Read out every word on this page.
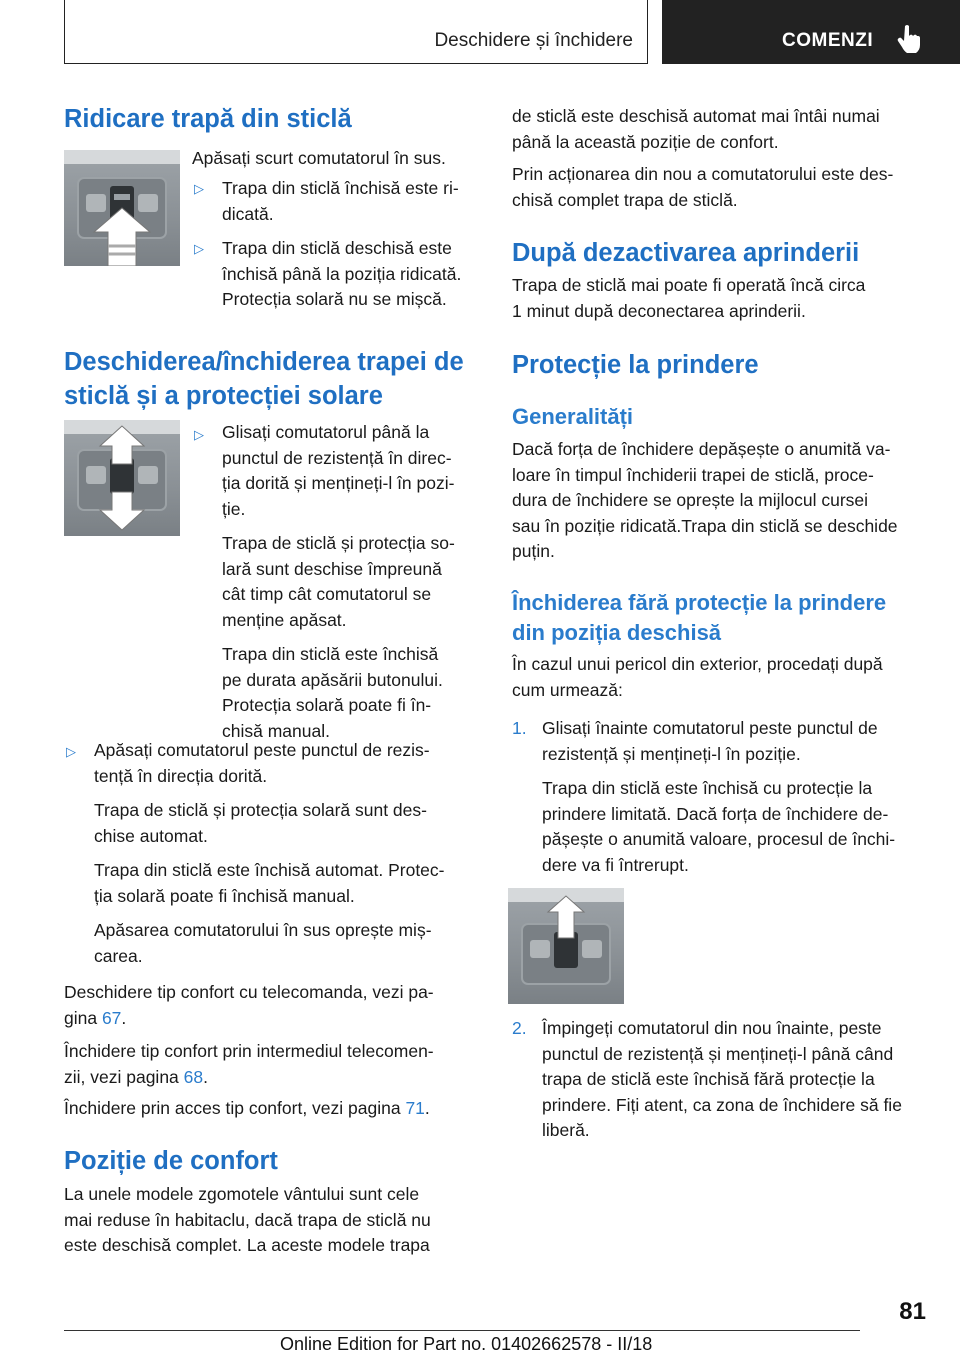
Deschidere și închidere	COMENZI
Ridicare trapă din sticlă
Apăsați scurt comutatorul în sus.
▷ Trapa din sticlă închisă este ri-
dicată.
▷ Trapa din sticlă deschisă este
închisă până la poziția ridicată.
Protecția solară nu se mișcă.
Deschiderea/închiderea trapei de
sticlă și a protecției solare
▷ Glisați comutatorul până la
punctul de rezistență în direc-
ția dorită și mențineți-l în pozi-
ție.
Trapa de sticlă și protecția so-
lară sunt deschise împreună
cât timp cât comutatorul se
menține apăsat.
Trapa din sticlă este închisă
pe durata apăsării butonului.
Protecția solară poate fi în-
chisă manual.
▷ Apăsați comutatorul peste punctul de rezis-
tență în direcția dorită.
Trapa de sticlă și protecția solară sunt des-
chise automat.
Trapa din sticlă este închisă automat. Protec-
ția solară poate fi închisă manual.
Apăsarea comutatorului în sus oprește miș-
carea.
Deschidere tip confort cu telecomanda, vezi pa-
gina 67.
Închidere tip confort prin intermediul telecomen-
zii, vezi pagina 68.
Închidere prin acces tip confort, vezi pagina 71.
Poziție de confort
La unele modele zgomotele vântului sunt cele
mai reduse în habitaclu, dacă trapa de sticlă nu
este deschisă complet. La aceste modele trapa
de sticlă este deschisă automat mai întâi numai
până la această poziție de confort.
Prin acționarea din nou a comutatorului este des-
chisă complet trapa de sticlă.
După dezactivarea aprinderii
Trapa de sticlă mai poate fi operată încă circa
1 minut după deconectarea aprinderii.
Protecție la prindere
Generalități
Dacă forța de închidere depășește o anumită va-
loare în timpul închiderii trapei de sticlă, proce-
dura de închidere se oprește la mijlocul cursei
sau în poziție ridicată.Trapa din sticlă se deschide
puțin.
Închiderea fără protecție la prindere
din poziția deschisă
În cazul unui pericol din exterior, procedați după
cum urmează:
1. Glisați înainte comutatorul peste punctul de
rezistență și mențineți-l în poziție.
Trapa din sticlă este închisă cu protecție la
prindere limitată. Dacă forța de închidere de-
pășește o anumită valoare, procesul de închi-
dere va fi întrerupt.
2. Împingeți comutatorul din nou înainte, peste
punctul de rezistență și mențineți-l până când
trapa de sticlă este închisă fără protecție la
prindere. Fiți atent, ca zona de închidere să fie
liberă.
81
Online Edition for Part no. 01402662578 - II/18
